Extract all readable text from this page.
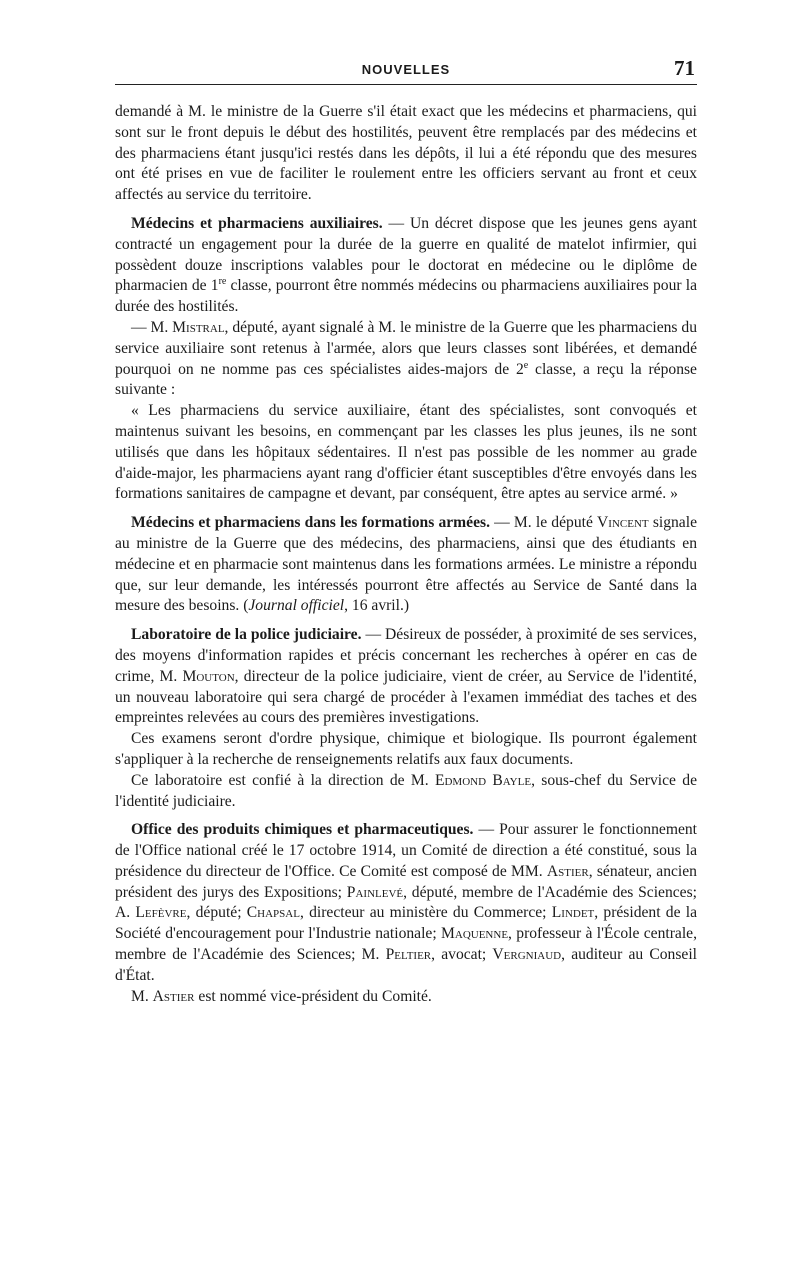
NOUVELLES	71

demandé à M. le ministre de la Guerre s'il était exact que les médecins et pharmaciens, qui sont sur le front depuis le début des hostilités, peuvent être remplacés par des médecins et des pharmaciens étant jusqu'ici restés dans les dépôts, il lui a été répondu que des mesures ont été prises en vue de faciliter le roulement entre les officiers servant au front et ceux affectés au service du territoire.

Médecins et pharmaciens auxiliaires. — Un décret dispose que les jeunes gens ayant contracté un engagement pour la durée de la guerre en qualité de matelot infirmier, qui possèdent douze inscriptions valables pour le doctorat en médecine ou le diplôme de pharmacien de 1re classe, pourront être nommés médecins ou pharmaciens auxiliaires pour la durée des hostilités.

— M. Mistral, député, ayant signalé à M. le ministre de la Guerre que les pharmaciens du service auxiliaire sont retenus à l'armée, alors que leurs classes sont libérées, et demandé pourquoi on ne nomme pas ces spécialistes aides-majors de 2e classe, a reçu la réponse suivante :

« Les pharmaciens du service auxiliaire, étant des spécialistes, sont convoqués et maintenus suivant les besoins, en commençant par les classes les plus jeunes, ils ne sont utilisés que dans les hôpitaux sédentaires. Il n'est pas possible de les nommer au grade d'aide-major, les pharmaciens ayant rang d'officier étant susceptibles d'être envoyés dans les formations sanitaires de campagne et devant, par conséquent, être aptes au service armé. »

Médecins et pharmaciens dans les formations armées. — M. le député Vincent signale au ministre de la Guerre que des médecins, des pharmaciens, ainsi que des étudiants en médecine et en pharmacie sont maintenus dans les formations armées. Le ministre a répondu que, sur leur demande, les intéressés pourront être affectés au Service de Santé dans la mesure des besoins. (Journal officiel, 16 avril.)

Laboratoire de la police judiciaire. — Désireux de posséder, à proximité de ses services, des moyens d'information rapides et précis concernant les recherches à opérer en cas de crime, M. Mouton, directeur de la police judiciaire, vient de créer, au Service de l'identité, un nouveau laboratoire qui sera chargé de procéder à l'examen immédiat des taches et des empreintes relevées au cours des premières investigations.

Ces examens seront d'ordre physique, chimique et biologique. Ils pourront également s'appliquer à la recherche de renseignements relatifs aux faux documents.

Ce laboratoire est confié à la direction de M. Edmond Bayle, sous-chef du Service de l'identité judiciaire.

Office des produits chimiques et pharmaceutiques. — Pour assurer le fonctionnement de l'Office national créé le 17 octobre 1914, un Comité de direction a été constitué, sous la présidence du directeur de l'Office. Ce Comité est composé de MM. Astier, sénateur, ancien président des jurys des Expositions; Painlevé, député, membre de l'Académie des Sciences; A. Lefèvre, député; Chapsal, directeur au ministère du Commerce; Lindet, président de la Société d'encouragement pour l'Industrie nationale; Maquenne, professeur à l'École centrale, membre de l'Académie des Sciences; M. Peltier, avocat; Vergniaud, auditeur au Conseil d'État.

M. Astier est nommé vice-président du Comité.
